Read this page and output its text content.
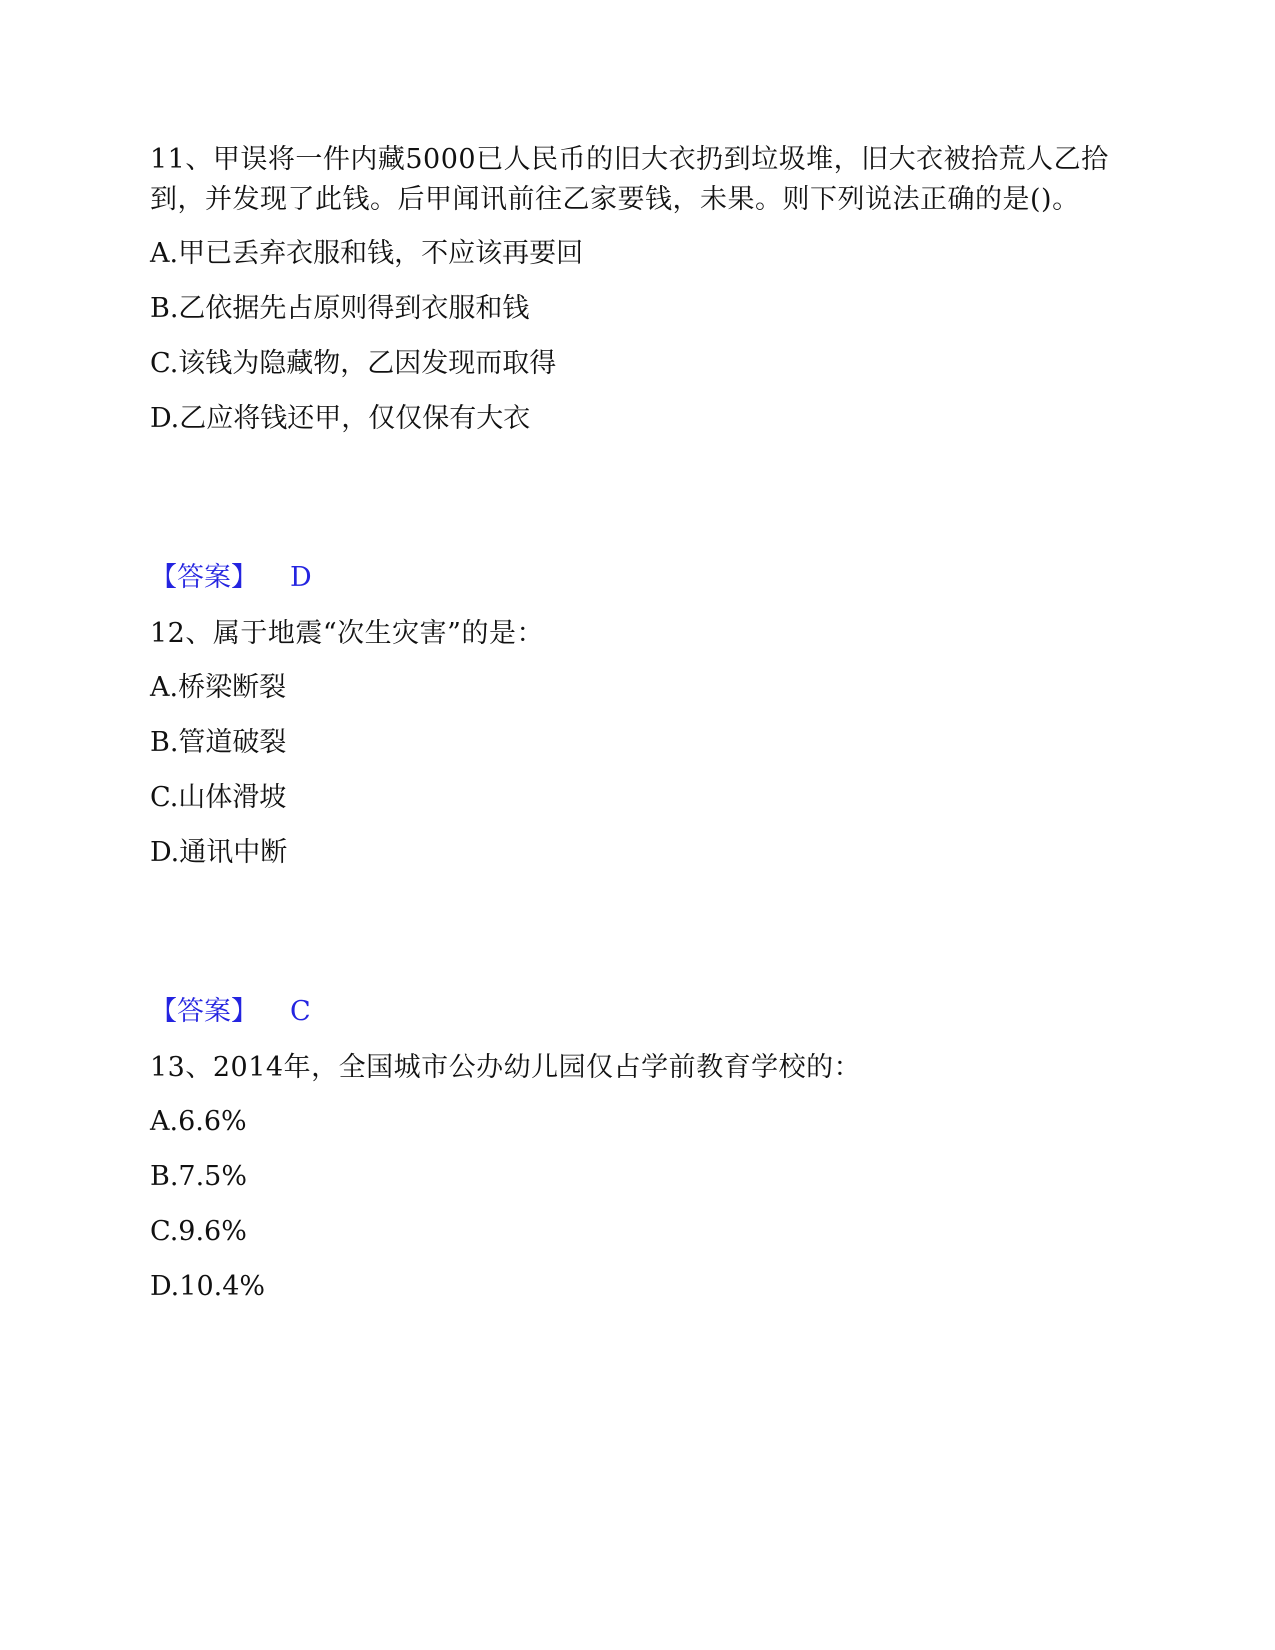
11、甲误将一件内藏5000已人民币的旧大衣扔到垃圾堆，旧大衣被拾荒人乙拾到，并发现了此钱。后甲闻讯前往乙家要钱，未果。则下列说法正确的是()。
A.甲已丢弃衣服和钱，不应该再要回
B.乙依据先占原则得到衣服和钱
C.该钱为隐藏物，乙因发现而取得
D.乙应将钱还甲，仅仅保有大衣
【答案】 D
12、属于地震“次生灾害”的是：
A.桥梁断裂
B.管道破裂
C.山体滑坡
D.通讯中断
【答案】 C
13、2014年，全国城市公办幼儿园仅占学前教育学校的：
A.6.6%
B.7.5%
C.9.6%
D.10.4%
